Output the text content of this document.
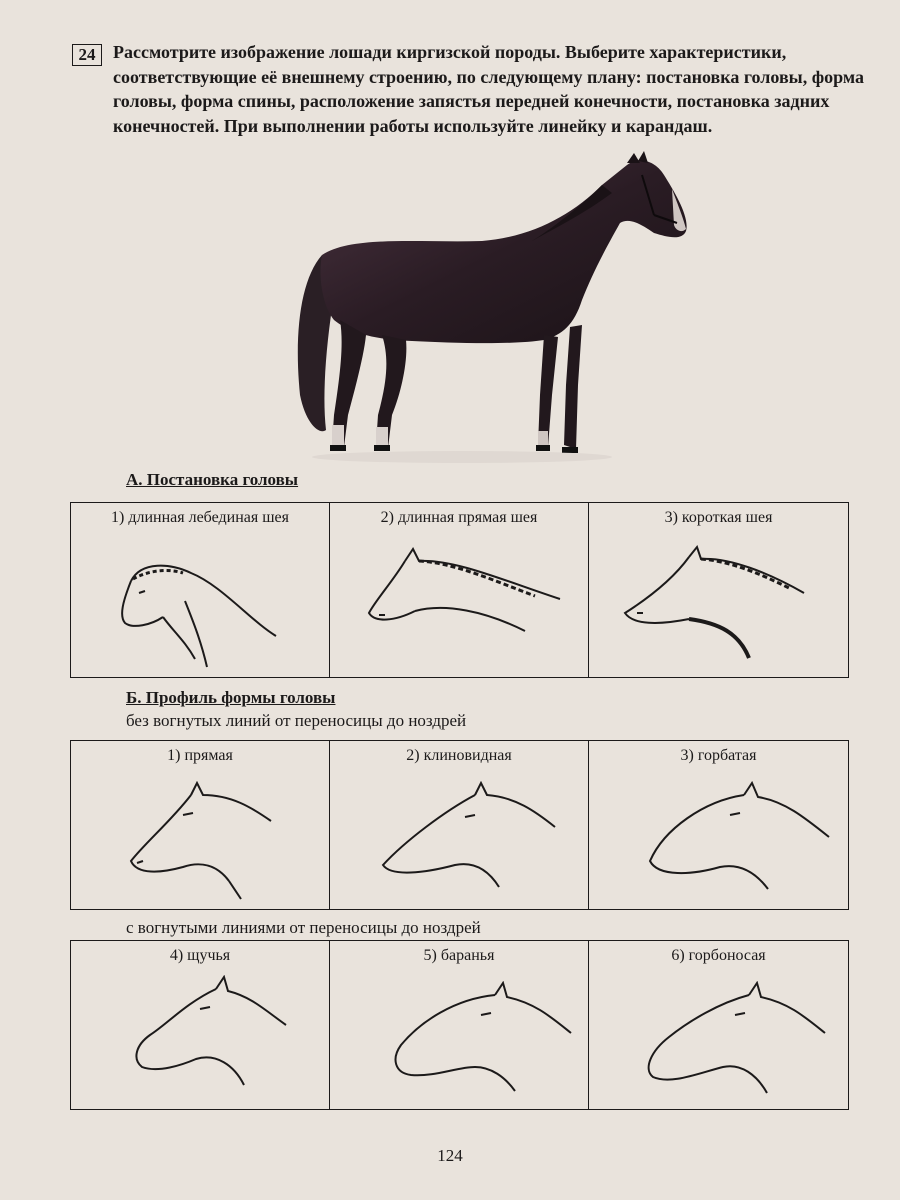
24 Рассмотрите изображение лошади киргизской породы. Выберите характеристики, соответствующие её внешнему строению, по следующему плану: постановка головы, форма головы, форма спины, расположение запястья передней конечности, постановка задних конечностей. При выполнении работы используйте линейку и карандаш.
А. Постановка головы
1) длинная лебединая шея	2) длинная прямая шея	3) короткая шея
Б. Профиль формы головы
без вогнутых линий от переносицы до ноздрей
1) прямая	2) клиновидная	3) горбатая
с вогнутыми линиями от переносицы до ноздрей
4) щучья	5) баранья	6) горбоносая
124
